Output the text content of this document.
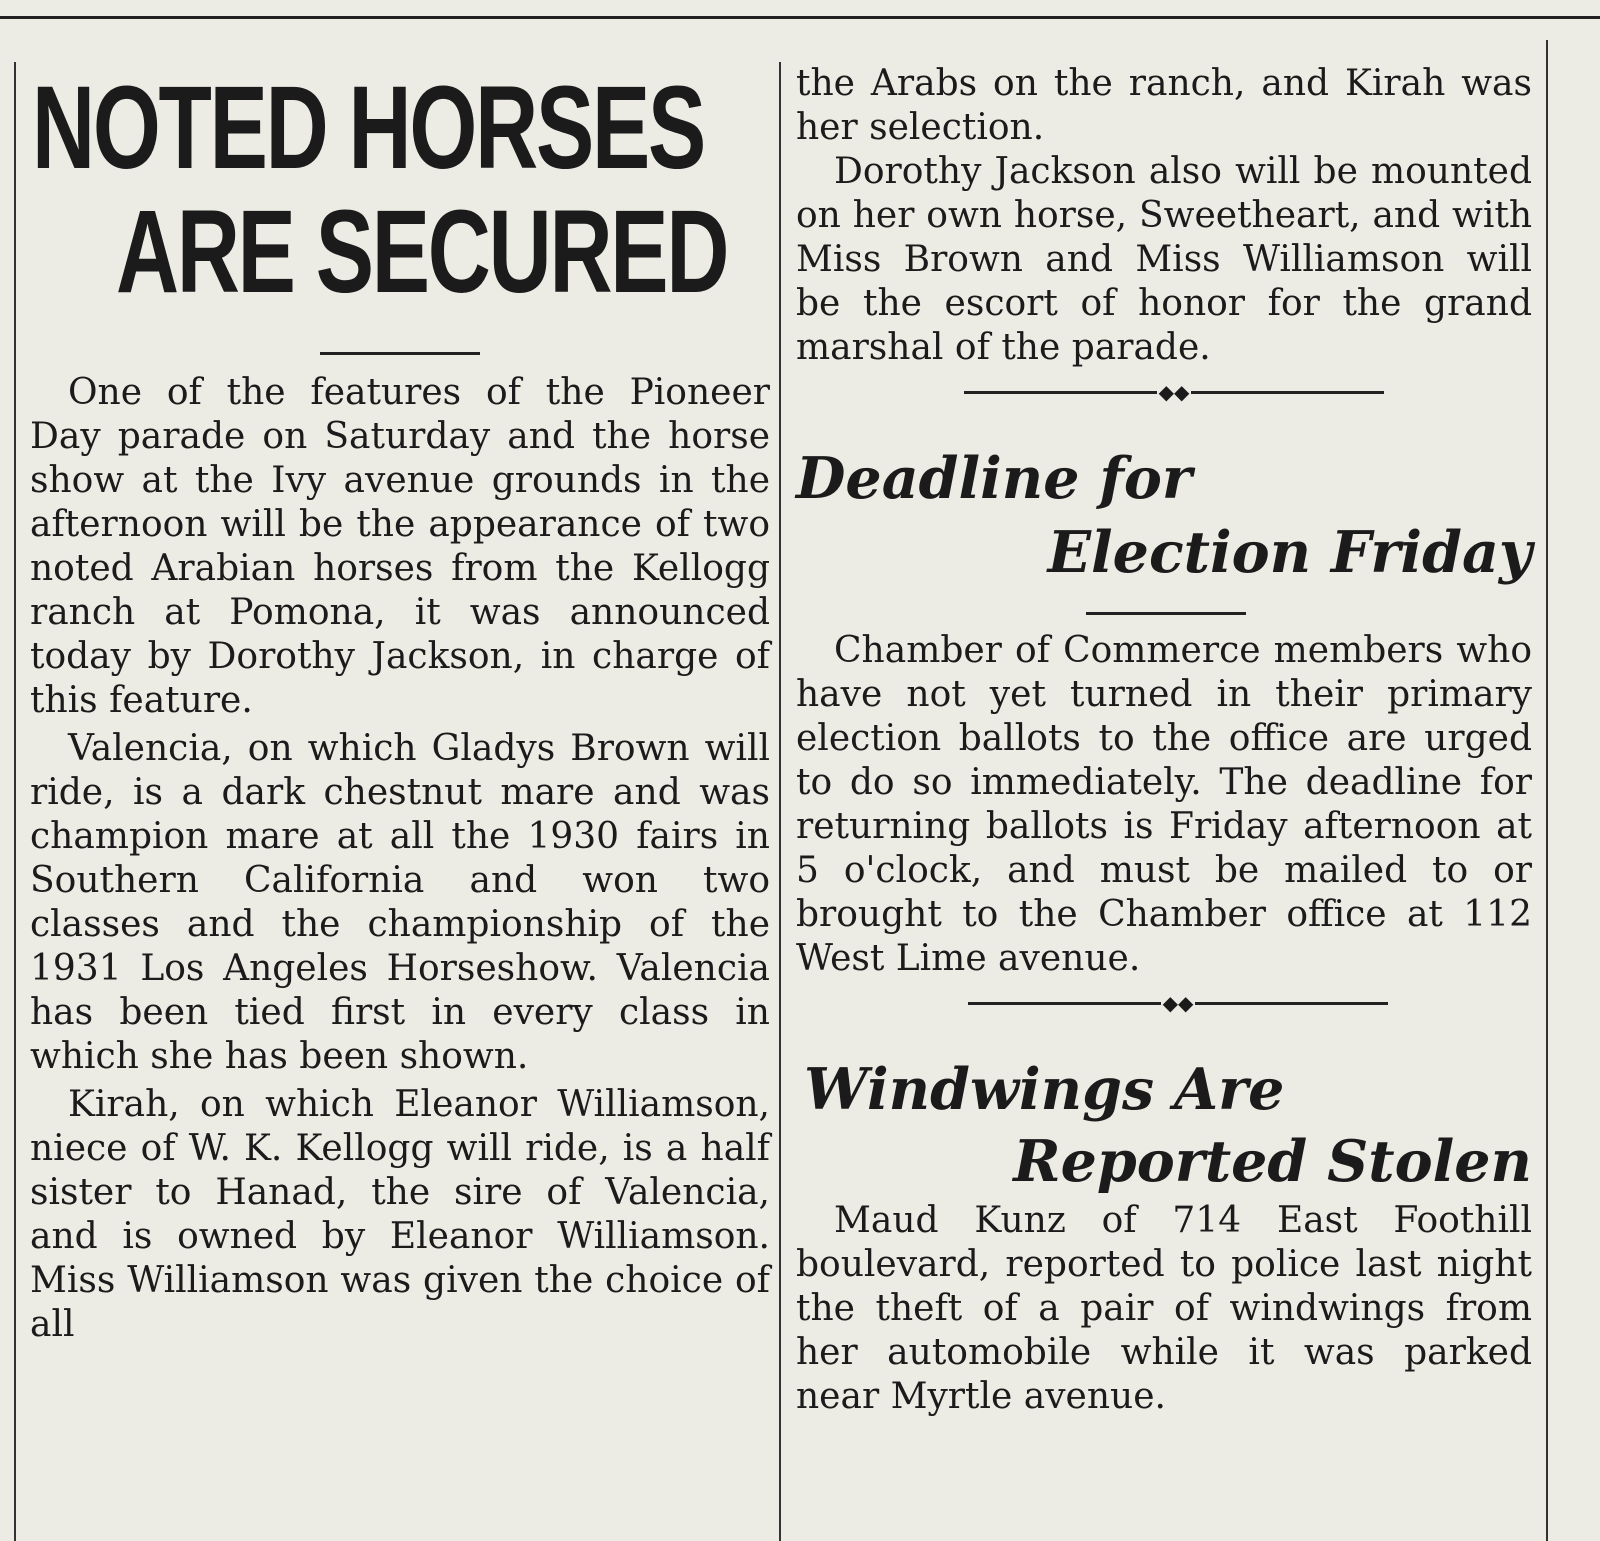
NOTED HORSES
ARE SECURED

One of the features of the Pioneer Day parade on Saturday and the horse show at the Ivy avenue grounds in the afternoon will be the appearance of two noted Arabian horses from the Kellogg ranch at Pomona, it was announced today by Dorothy Jackson, in charge of this feature.

Valencia, on which Gladys Brown will ride, is a dark chestnut mare and was champion mare at all the 1930 fairs in Southern California and won two classes and the championship of the 1931 Los Angeles Horseshow. Valencia has been tied first in every class in which she has been shown.

Kirah, on which Eleanor Williamson, niece of W. K. Kellogg will ride, is a half sister to Hanad, the sire of Valencia, and is owned by Eleanor Williamson. Miss Williamson was given the choice of all

the Arabs on the ranch, and Kirah was her selection.

Dorothy Jackson also will be mounted on her own horse, Sweetheart, and with Miss Brown and Miss Williamson will be the escort of honor for the grand marshal of the parade.

◆◆
Deadline for
Election Friday

Chamber of Commerce members who have not yet turned in their primary election ballots to the office are urged to do so immediately. The deadline for returning ballots is Friday afternoon at 5 o'clock, and must be mailed to or brought to the Chamber office at 112 West Lime avenue.

◆◆
Windwings Are
Reported Stolen

Maud Kunz of 714 East Foothill boulevard, reported to police last night the theft of a pair of windwings from her automobile while it was parked near Myrtle avenue.
